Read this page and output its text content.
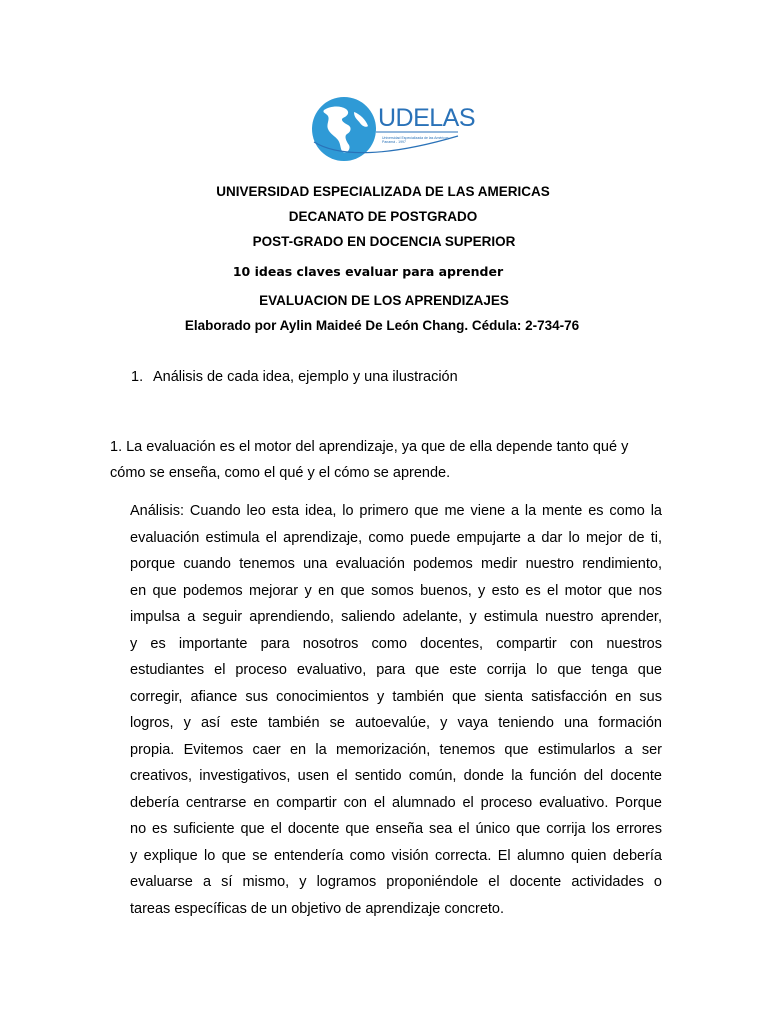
UDELAS
Universidad Especializada de las Américas Panamá - 1997
UNIVERSIDAD ESPECIALIZADA DE LAS AMERICAS
DECANATO DE POSTGRADO
POST-GRADO EN DOCENCIA SUPERIOR
10 ideas claves evaluar para aprender
EVALUACION DE LOS APRENDIZAJES
Elaborado por Aylin Maideé De León Chang. Cédula: 2-734-76
1. Análisis de cada idea, ejemplo y una ilustración
1. La evaluación es el motor del aprendizaje, ya que de ella depende tanto qué y
cómo se enseña, como el qué y el cómo se aprende.
Análisis: Cuando leo esta idea, lo primero que me viene a la mente es como la
evaluación estimula el aprendizaje, como puede empujarte a dar lo mejor de ti,
porque cuando tenemos una evaluación podemos medir nuestro rendimiento,
en que podemos mejorar y en que somos buenos, y esto es el motor que nos
impulsa a seguir aprendiendo, saliendo adelante, y estimula nuestro aprender,
y es importante para nosotros como docentes, compartir con nuestros
estudiantes el proceso evaluativo, para que este corrija lo que tenga que
corregir, afiance sus conocimientos y también que sienta satisfacción en sus
logros, y así este también se autoevalúe, y vaya teniendo una formación
propia. Evitemos caer en la memorización, tenemos que estimularlos a ser
creativos, investigativos, usen el sentido común, donde la función del docente
debería centrarse en compartir con el alumnado el proceso evaluativo. Porque
no es suficiente que el docente que enseña sea el único que corrija los errores
y explique lo que se entendería como visión correcta. El alumno quien debería
evaluarse a sí mismo, y logramos proponiéndole el docente actividades o
tareas específicas de un objetivo de aprendizaje concreto.
